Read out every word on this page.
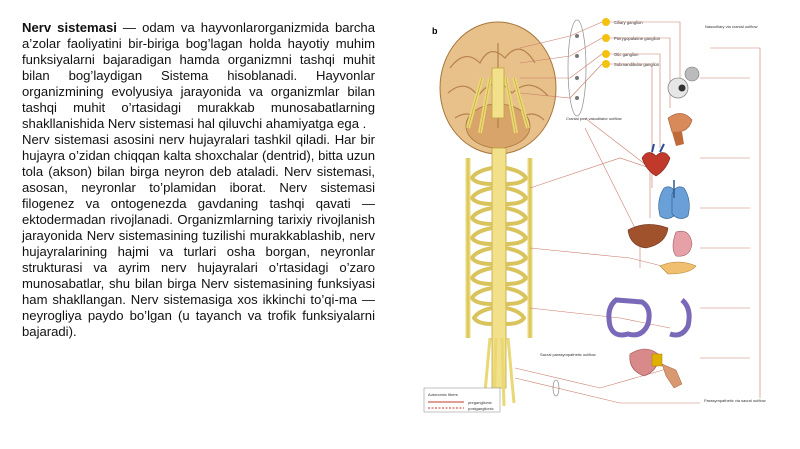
Nerv sistemasi — odam va hayvonlarorganizmida barcha a’zolar faoliyatini bir-biriga bog’lagan holda hayotiy muhim funksiyalarni bajaradigan hamda organizmni tashqi muhit bilan bog’laydigan Sistema hisoblanadi. Hayvonlar organizmining evolyusiya jarayonida va organizmlar bilan tashqi muhit o’rtasidagi murakkab munosabatlarning shakllanishida Nerv sistemasi hal qiluvchi ahamiyatga ega .
Nerv sistemasi asosini nerv hujayralari tashkil qiladi. Har bir hujayra o’zidan chiqqan kalta shoxchalar (dentrid), bitta uzun tola (akson) bilan birga neyron deb ataladi. Nerv sistemasi, asosan, neyronlar to’plamidan iborat. Nerv sistemasi filogenez va ontogenezda gavdaning tashqi qavati — ektodermadan rivojlanadi. Organizmlarning tarixiy rivojlanish jarayonida Nerv sistemasining tuzilishi murakkablashib, nerv hujayralarining hajmi va turlari osha borgan, neyronlar strukturasi va ayrim nerv hujayralari o’rtasidagi o’zaro munosabatlar, shu bilan birga Nerv sistemasining funksiyasi ham shakllangan. Nerv sistemasiga xos ikkinchi to’qi-ma — neyrogliya paydo bo’lgan (u tayanch va trofik funksiyalarni bajaradi).
b
Cranial post vasodilator outflow
Ciliary ganglion
Pterygopalatine ganglion
Otic ganglion
Submandibular ganglion
Nasociliary via cranial outflow
Sacral parasympathetic outflow
Parasympathetic via sacral outflow
Autonomic fibers
preganglionic
postganglionic
